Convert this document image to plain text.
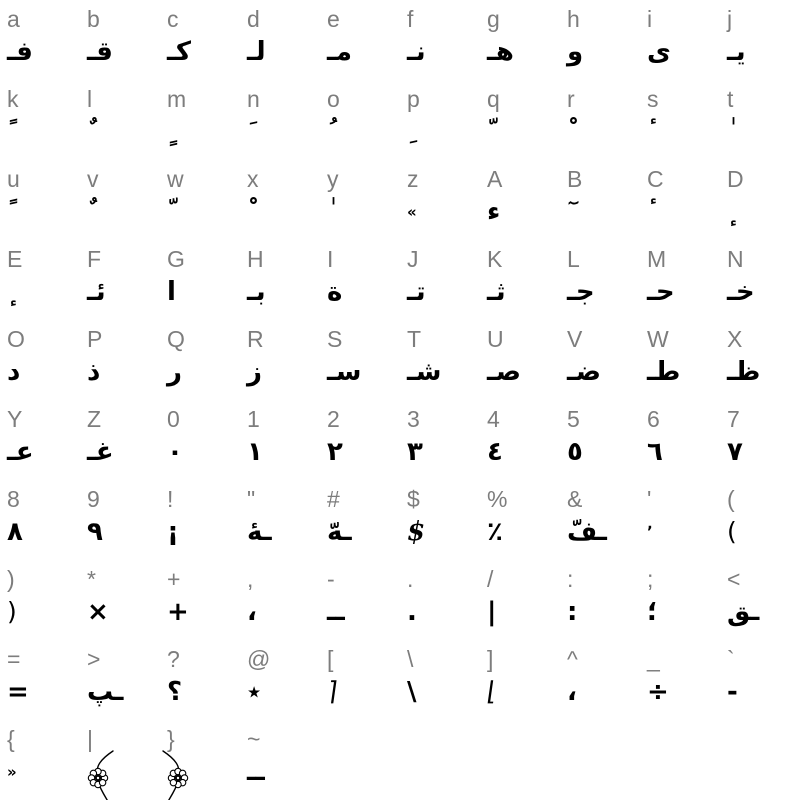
a
فـ
b
قـ
c
كـ
d
لـ
e
مـ
f
نـ
g
هـ
h
و
i
ى
j
يـ
k
ً
l
ٌ
m
ٍ
n
َ
o
ُ
p
ِ
q
ّ
r
ْ
s
ٔ
t
ٰ
u
ً
v
ٌ
w
ّ
x
ْ
y
ٰ
z
«
A
ء
B
ٓ
C
ٔ
D
ٕ
E
ٕ
F
ئـ
G
ا
H
بـ
I
ة
J
تـ
K
ثـ
L
جـ
M
حـ
N
خـ
O
د
P
ذ
Q
ر
R
ز
S
سـ
T
شـ
U
صـ
V
ضـ
W
طـ
X
ظـ
Y
عـ
Z
غـ
0
٠
1
١
2
٢
3
٣
4
٤
5
٥
6
٦
7
٧
8
٨
9
٩
!
¡
"
ـهٔ
#
ـهّ
$
$
%
٪
&
ـفّ
'
ʼ
(
(
)
)
*
×
+
+
,
،
-
ــ
.
.
/
|
:
:
;
؛
<
ـق
=
=
>
ـپ
?
؟
@
٭
[
⌉
\
\
]
⌊
^
،
_
÷
`
-
{
»
|	}	~
ــ
